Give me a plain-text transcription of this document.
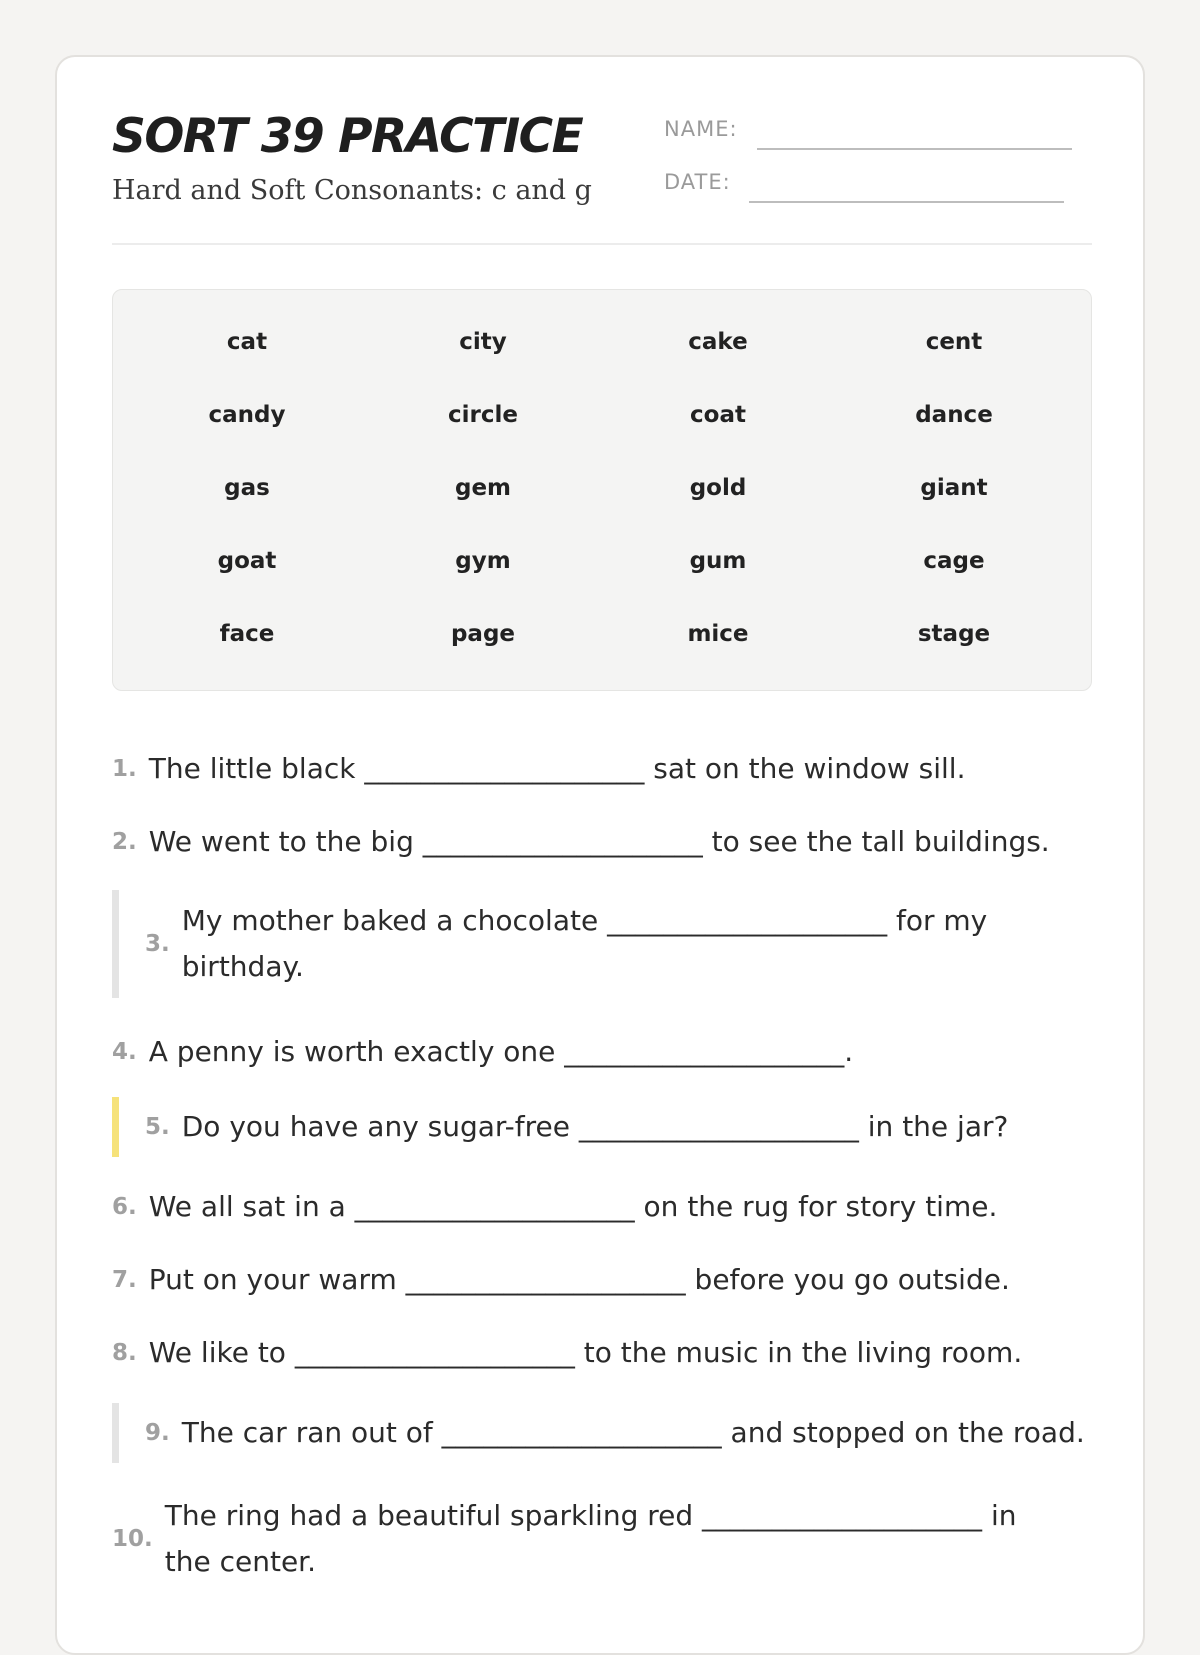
SORT 39 PRACTICE
Hard and Soft Consonants: c and g
NAME:
DATE:
cat	city	cake	cent
candy	circle	coat	dance
gas	gem	gold	giant
goat	gym	gum	cage
face	page	mice	stage
1. The little black ____________________ sat on the window sill.
2. We went to the big ____________________ to see the tall buildings.
3.
My mother baked a chocolate ____________________ for my birthday.
4. A penny is worth exactly one ____________________.
5. Do you have any sugar-free ____________________ in the jar?
6. We all sat in a ____________________ on the rug for story time.
7. Put on your warm ____________________ before you go outside.
8. We like to ____________________ to the music in the living room.
9. The car ran out of ____________________ and stopped on the road.
10.
The ring had a beautiful sparkling red ____________________ in the center.
